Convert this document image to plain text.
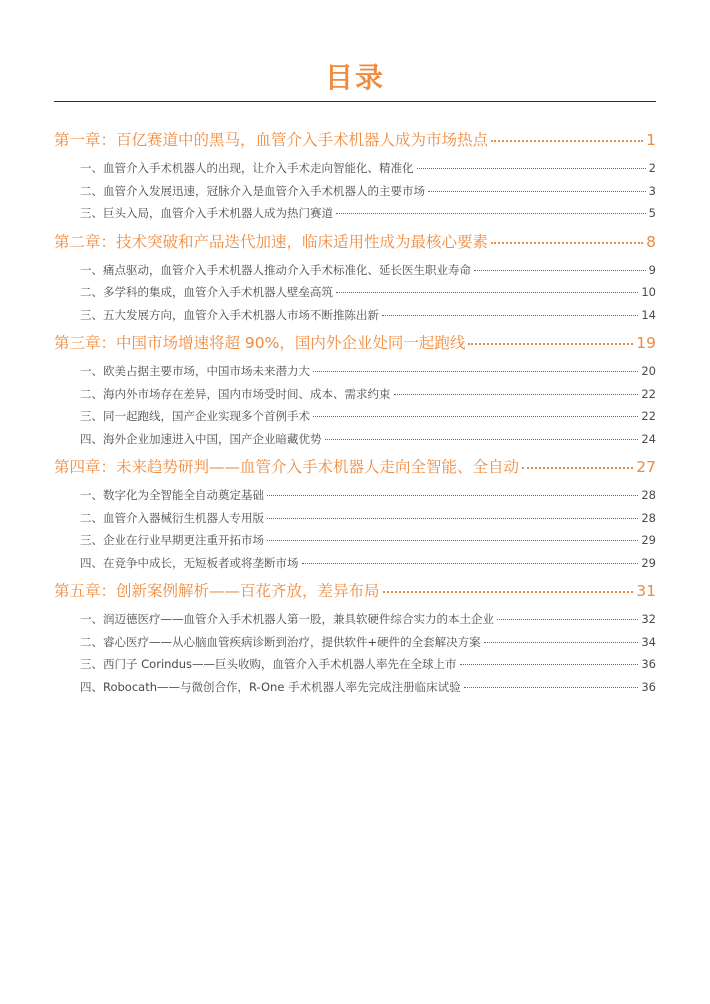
目录
第一章：百亿赛道中的黑马，血管介入手术机器人成为市场热点	1
一、血管介入手术机器人的出现，让介入手术走向智能化、精准化	2
二、血管介入发展迅速，冠脉介入是血管介入手术机器人的主要市场	3
三、巨头入局，血管介入手术机器人成为热门赛道	5
第二章：技术突破和产品迭代加速，临床适用性成为最核心要素	8
一、痛点驱动，血管介入手术机器人推动介入手术标准化、延长医生职业寿命	9
二、多学科的集成，血管介入手术机器人壁垒高筑	10
三、五大发展方向，血管介入手术机器人市场不断推陈出新	14
第三章：中国市场增速将超 90%，国内外企业处同一起跑线	19
一、欧美占据主要市场，中国市场未来潜力大	20
二、海内外市场存在差异，国内市场受时间、成本、需求约束	22
三、同一起跑线，国产企业实现多个首例手术	22
四、海外企业加速进入中国，国产企业暗藏优势	24
第四章：未来趋势研判——血管介入手术机器人走向全智能、全自动	27
一、数字化为全智能全自动奠定基础	28
二、血管介入器械衍生机器人专用版	28
三、企业在行业早期更注重开拓市场	29
四、在竞争中成长，无短板者或将垄断市场	29
第五章：创新案例解析——百花齐放，差异布局	31
一、润迈德医疗——血管介入手术机器人第一股，兼具软硬件综合实力的本土企业	32
二、睿心医疗——从心脑血管疾病诊断到治疗，提供软件+硬件的全套解决方案	34
三、西门子 Corindus——巨头收购，血管介入手术机器人率先在全球上市	36
四、Robocath——与微创合作，R-One 手术机器人率先完成注册临床试验	36
